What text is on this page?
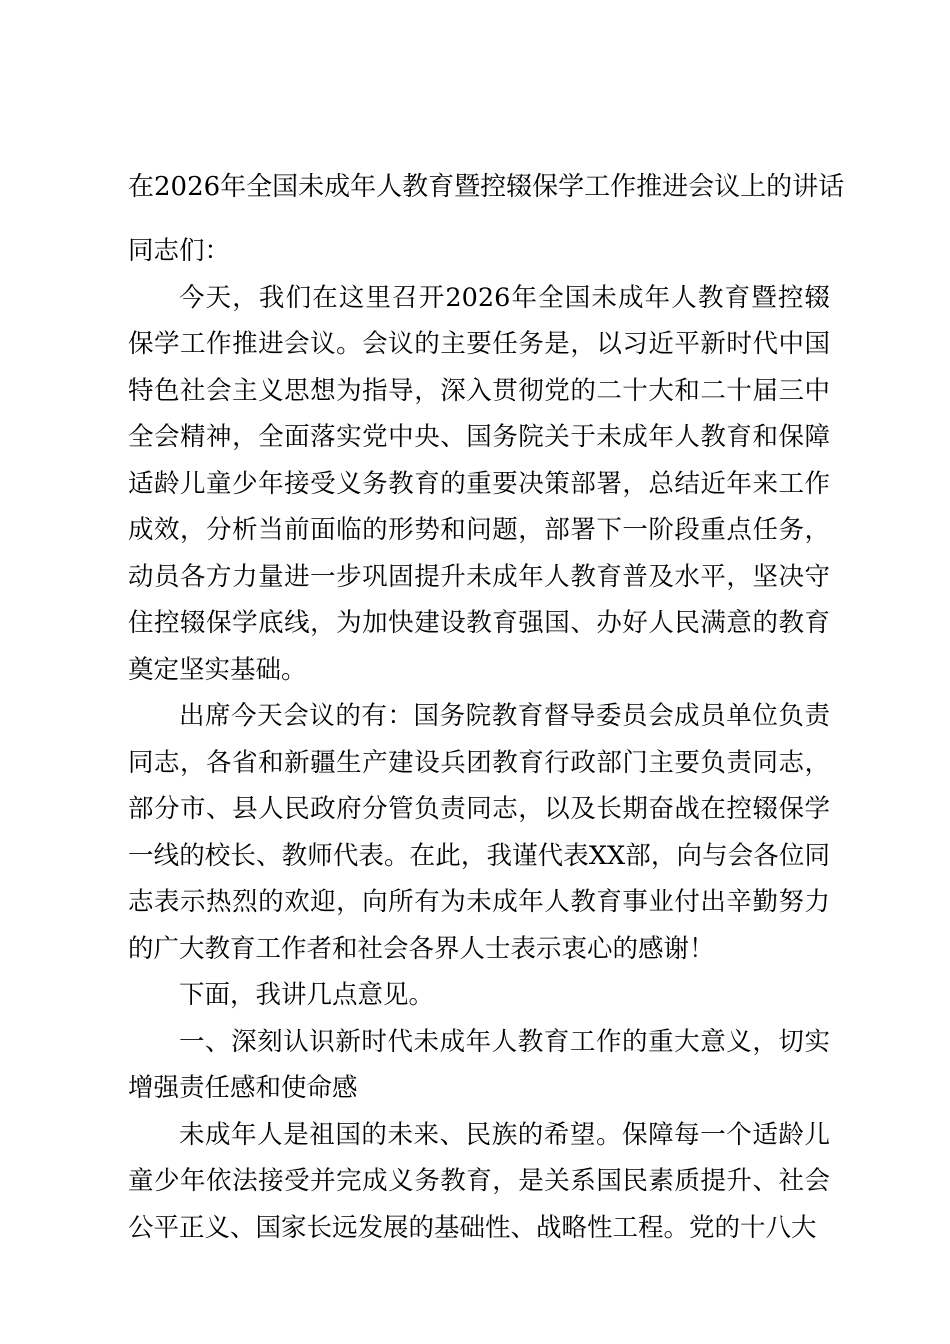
在2026年全国未成年人教育暨控辍保学工作推进会议上的讲话

同志们：

今天，我们在这里召开2026年全国未成年人教育暨控辍保学工作推进会议。会议的主要任务是，以习近平新时代中国特色社会主义思想为指导，深入贯彻党的二十大和二十届三中全会精神，全面落实党中央、国务院关于未成年人教育和保障适龄儿童少年接受义务教育的重要决策部署，总结近年来工作成效，分析当前面临的形势和问题，部署下一阶段重点任务，动员各方力量进一步巩固提升未成年人教育普及水平，坚决守住控辍保学底线，为加快建设教育强国、办好人民满意的教育奠定坚实基础。

出席今天会议的有：国务院教育督导委员会成员单位负责同志，各省和新疆生产建设兵团教育行政部门主要负责同志，部分市、县人民政府分管负责同志，以及长期奋战在控辍保学一线的校长、教师代表。在此，我谨代表XX部，向与会各位同志表示热烈的欢迎，向所有为未成年人教育事业付出辛勤努力的广大教育工作者和社会各界人士表示衷心的感谢！

下面，我讲几点意见。

一、深刻认识新时代未成年人教育工作的重大意义，切实增强责任感和使命感

未成年人是祖国的未来、民族的希望。保障每一个适龄儿童少年依法接受并完成义务教育，是关系国民素质提升、社会公平正义、国家长远发展的基础性、战略性工程。党的十八大
